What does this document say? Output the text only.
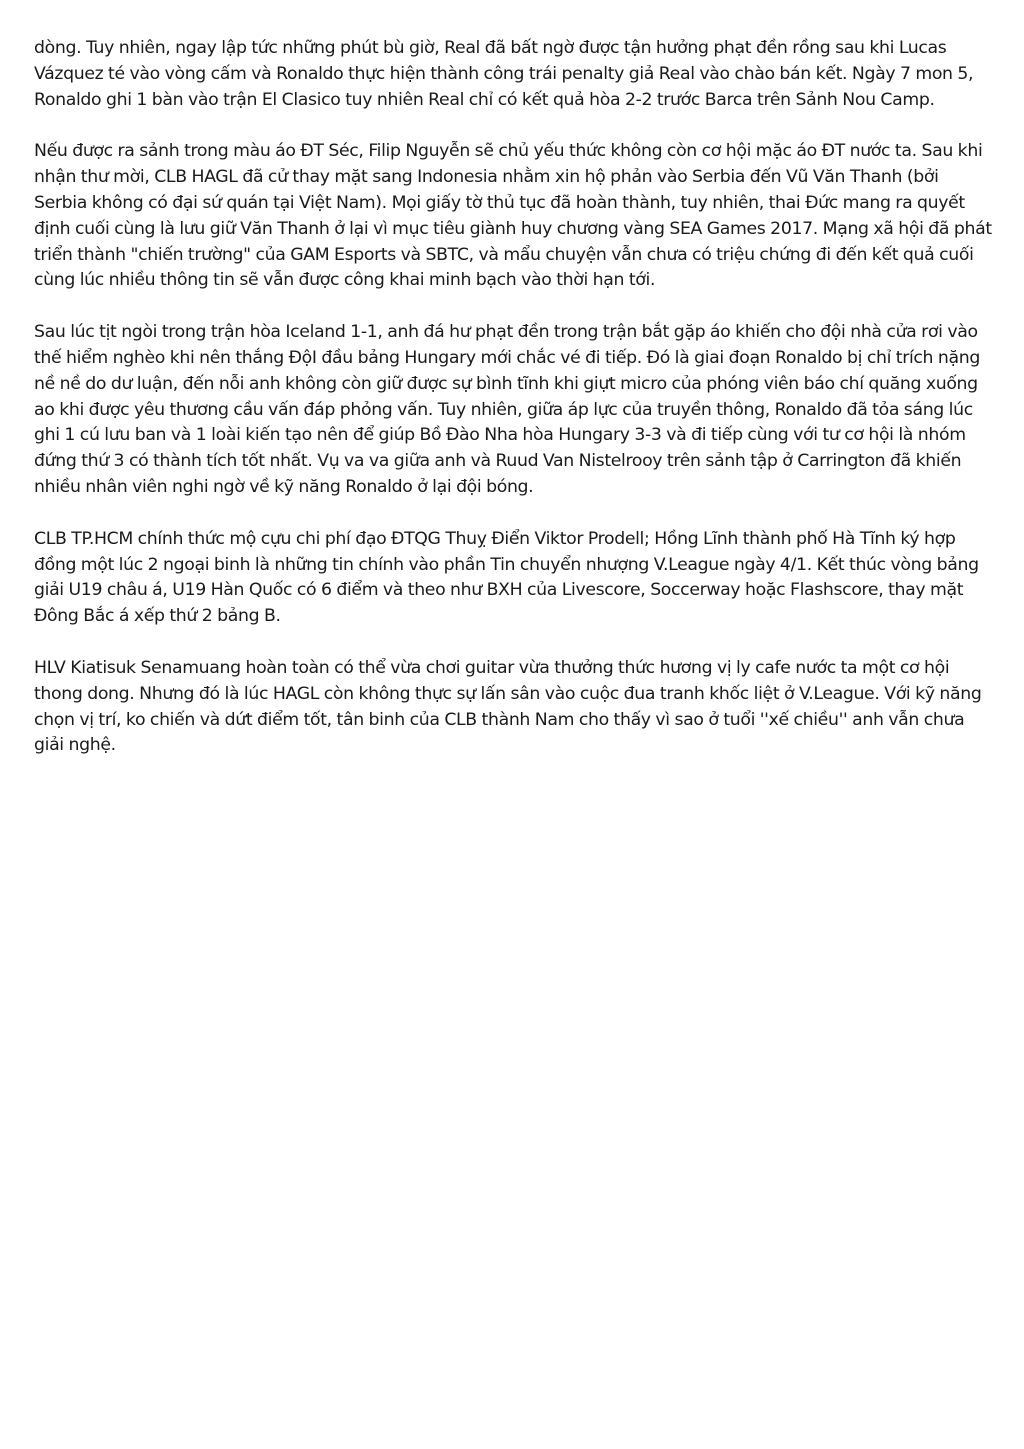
dòng. Tuy nhiên, ngay lập tức những phút bù giờ, Real đã bất ngờ được tận hưởng phạt đền rồng sau khi Lucas Vázquez té vào vòng cấm và Ronaldo thực hiện thành công trái penalty giả Real vào chào bán kết. Ngày 7 mon 5, Ronaldo ghi 1 bàn vào trận El Clasico tuy nhiên Real chỉ có kết quả hòa 2-2 trước Barca trên Sảnh Nou Camp.

Nếu được ra sảnh trong màu áo ĐT Séc, Filip Nguyễn sẽ chủ yếu thức không còn cơ hội mặc áo ĐT nước ta. Sau khi nhận thư mời, CLB HAGL đã cử thay mặt sang Indonesia nhằm xin hộ phản vào Serbia đến Vũ Văn Thanh (bởi Serbia không có đại sứ quán tại Việt Nam). Mọi giấy tờ thủ tục đã hoàn thành, tuy nhiên, thai Đức mang ra quyết định cuối cùng là lưu giữ Văn Thanh ở lại vì mục tiêu giành huy chương vàng SEA Games 2017. Mạng xã hội đã phát triển thành "chiến trường" của GAM Esports và SBTC, và mẩu chuyện vẫn chưa có triệu chứng đi đến kết quả cuối cùng lúc nhiều thông tin sẽ vẫn được công khai minh bạch vào thời hạn tới.

Sau lúc tịt ngòi trong trận hòa Iceland 1-1, anh đá hư phạt đền trong trận bắt gặp áo khiến cho đội nhà cửa rơi vào thế hiểm nghèo khi nên thắng ĐộI đầu bảng Hungary mới chắc vé đi tiếp. Đó là giai đoạn Ronaldo bị chỉ trích nặng nề nề do dư luận, đến nỗi anh không còn giữ được sự bình tĩnh khi giựt micro của phóng viên báo chí quăng xuống ao khi được yêu thương cầu vấn đáp phỏng vấn. Tuy nhiên, giữa áp lực của truyền thông, Ronaldo đã tỏa sáng lúc ghi 1 cú lưu ban và 1 loài kiến tạo nên để giúp Bồ Đào Nha hòa Hungary 3-3 và đi tiếp cùng với tư cơ hội là nhóm đứng thứ 3 có thành tích tốt nhất. Vụ va va giữa anh và Ruud Van Nistelrooy trên sảnh tập ở Carrington đã khiến nhiều nhân viên nghi ngờ về kỹ năng Ronaldo ở lại đội bóng.

CLB TP.HCM chính thức mộ cựu chi phí đạo ĐTQG Thuỵ Điển Viktor Prodell; Hồng Lĩnh thành phố Hà Tĩnh ký hợp đồng một lúc 2 ngoại binh là những tin chính vào phần Tin chuyển nhượng V.League ngày 4/1. Kết thúc vòng bảng giải U19 châu á, U19 Hàn Quốc có 6 điểm và theo như BXH của Livescore, Soccerway hoặc Flashscore, thay mặt Đông Bắc á xếp thứ 2 bảng B.

HLV Kiatisuk Senamuang hoàn toàn có thể vừa chơi guitar vừa thưởng thức hương vị ly cafe nước ta một cơ hội thong dong. Nhưng đó là lúc HAGL còn không thực sự lấn sân vào cuộc đua tranh khốc liệt ở V.League. Với kỹ năng chọn vị trí, ko chiến và dứt điểm tốt, tân binh của CLB thành Nam cho thấy vì sao ở tuổi ''xế chiều'' anh vẫn chưa giải nghệ.
